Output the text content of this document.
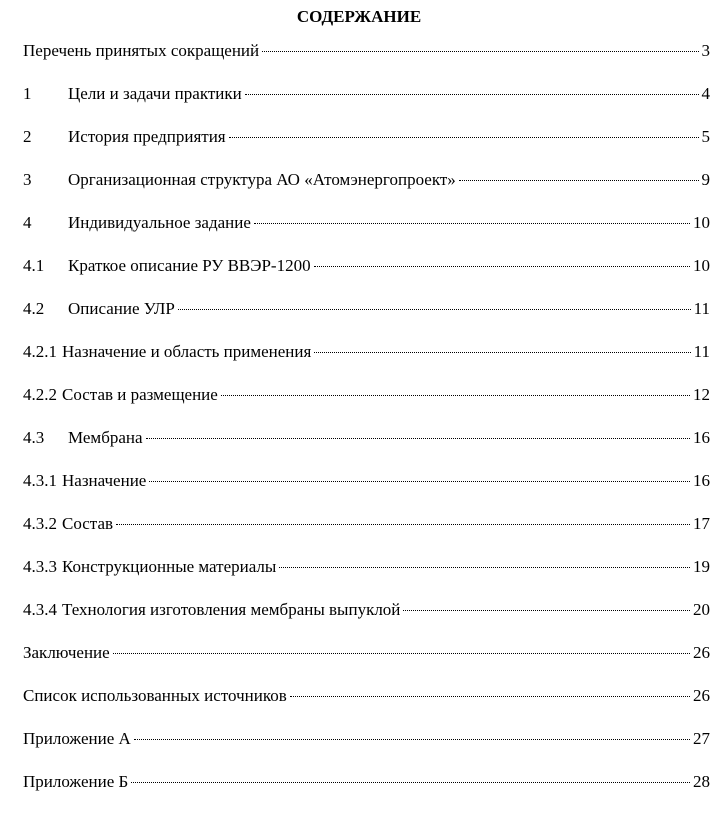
СОДЕРЖАНИЕ
Перечень принятых сокращений	3
1	Цели и задачи практики	4
2	История предприятия	5
3	Организационная структура АО «Атомэнергопроект»	9
4	Индивидуальное задание	10
4.1	Краткое описание РУ ВВЭР-1200	10
4.2	Описание УЛР	11
4.2.1 Назначение и область применения	11
4.2.2 Состав и размещение	12
4.3	Мембрана	16
4.3.1 Назначение	16
4.3.2 Состав	17
4.3.3 Конструкционные материалы	19
4.3.4 Технология изготовления мембраны выпуклой	20
Заключение	26
Список использованных источников	26
Приложение А	27
Приложение Б	28
